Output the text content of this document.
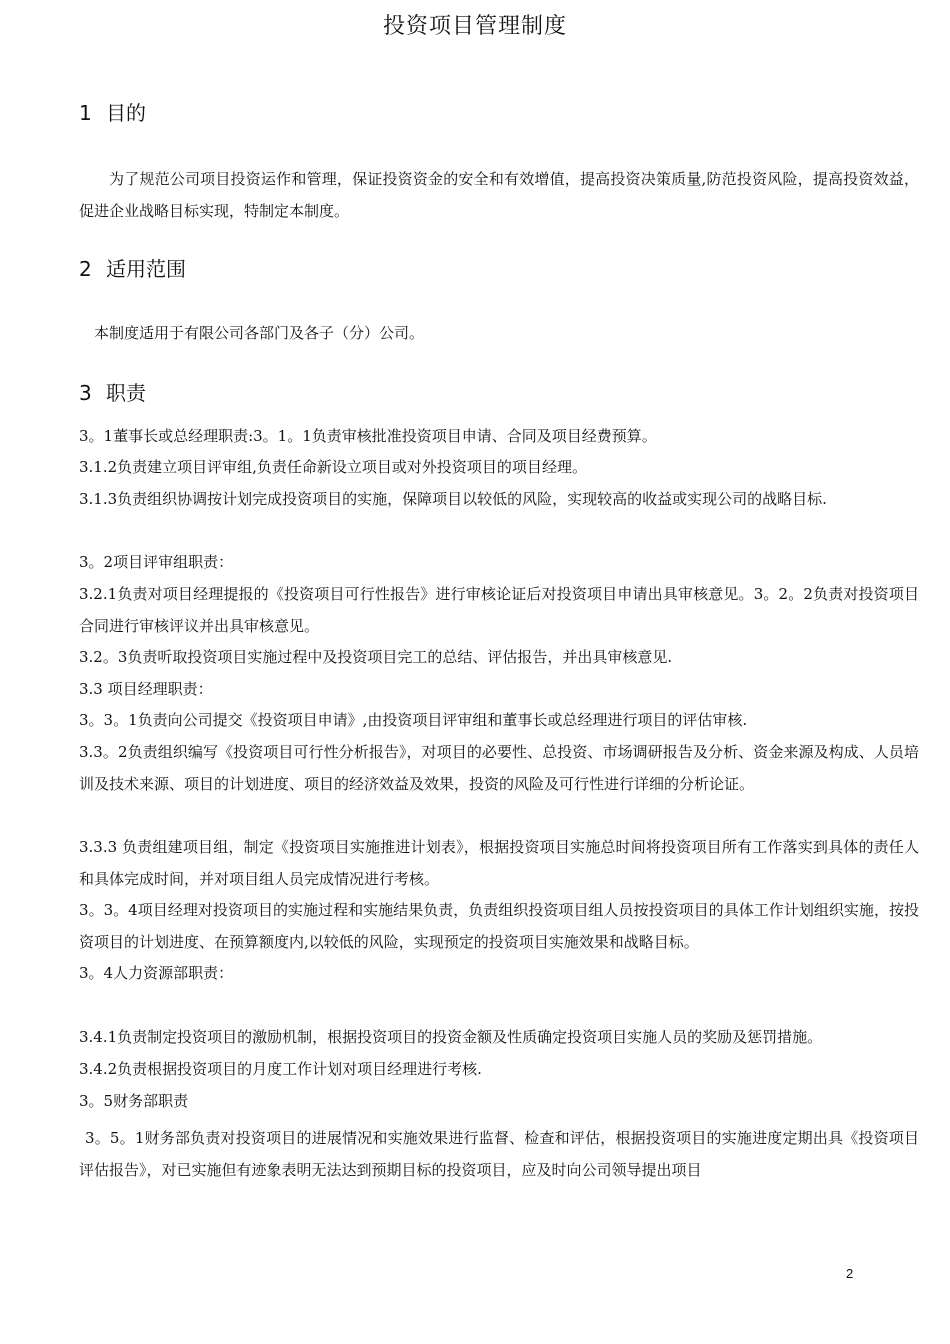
投资项目管理制度
1 目的

为了规范公司项目投资运作和管理，保证投资资金的安全和有效增值，提高投资决策质量,防范投资风险，提高投资效益，促进企业战略目标实现，特制定本制度。

2 适用范围

本制度适用于有限公司各部门及各子（分）公司。

3 职责

3。1董事长或总经理职责:3。1。1负责审核批准投资项目申请、合同及项目经费预算。

3.1.2负责建立项目评审组,负责任命新设立项目或对外投资项目的项目经理。

3.1.3负责组织协调按计划完成投资项目的实施，保障项目以较低的风险，实现较高的收益或实现公司的战略目标.

3。2项目评审组职责：

3.2.1负责对项目经理提报的《投资项目可行性报告》进行审核论证后对投资项目申请出具审核意见。3。2。2负责对投资项目合同进行审核评议并出具审核意见。

3.2。3负责听取投资项目实施过程中及投资项目完工的总结、评估报告，并出具审核意见.

3.3 项目经理职责：

3。3。1负责向公司提交《投资项目申请》,由投资项目评审组和董事长或总经理进行项目的评估审核.

3.3。2负责组织编写《投资项目可行性分析报告》，对项目的必要性、总投资、市场调研报告及分析、资金来源及构成、人员培训及技术来源、项目的计划进度、项目的经济效益及效果，投资的风险及可行性进行详细的分析论证。

3.3.3 负责组建项目组，制定《投资项目实施推进计划表》，根据投资项目实施总时间将投资项目所有工作落实到具体的责任人和具体完成时间，并对项目组人员完成情况进行考核。

3。3。4项目经理对投资项目的实施过程和实施结果负责，负责组织投资项目组人员按投资项目的具体工作计划组织实施，按投资项目的计划进度、在预算额度内,以较低的风险，实现预定的投资项目实施效果和战略目标。

3。4人力资源部职责：

3.4.1负责制定投资项目的激励机制，根据投资项目的投资金额及性质确定投资项目实施人员的奖励及惩罚措施。

3.4.2负责根据投资项目的月度工作计划对项目经理进行考核.

3。5财务部职责

3。5。1财务部负责对投资项目的进展情况和实施效果进行监督、检查和评估，根据投资项目的实施进度定期出具《投资项目评估报告》，对已实施但有迹象表明无法达到预期目标的投资项目，应及时向公司领导提出项目

2
